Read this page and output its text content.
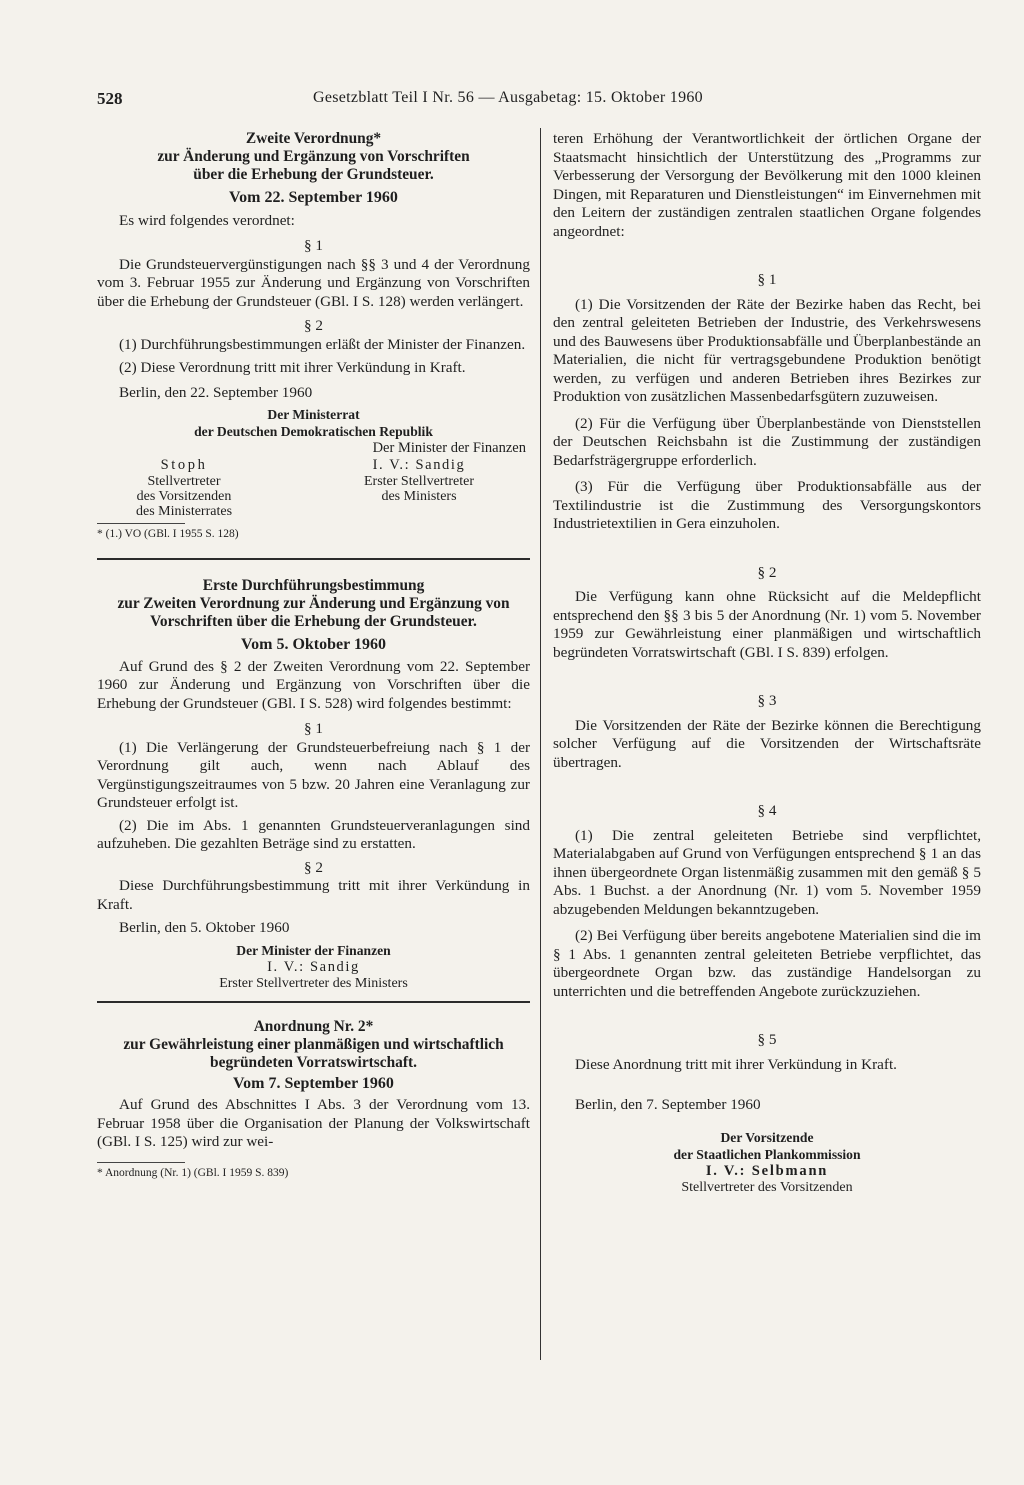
528	Gesetzblatt Teil I Nr. 56 — Ausgabetag: 15. Oktober 1960
Zweite Verordnung*
zur Änderung und Ergänzung von Vorschriften
über die Erhebung der Grundsteuer.
Vom 22. September 1960

Es wird folgendes verordnet:

§ 1

Die Grundsteuervergünstigungen nach §§ 3 und 4 der Verordnung vom 3. Februar 1955 zur Änderung und Ergänzung von Vorschriften über die Erhebung der Grundsteuer (GBl. I S. 128) werden verlängert.

§ 2

(1) Durchführungsbestimmungen erläßt der Minister der Finanzen.

(2) Diese Verordnung tritt mit ihrer Verkündung in Kraft.

Berlin, den 22. September 1960

Der Ministerrat
der Deutschen Demokratischen Republik
Der Minister der Finanzen
Stoph
Stellvertreter
des Vorsitzenden
des Ministerrates
I. V.: Sandig
Erster Stellvertreter
des Ministers
* (1.) VO (GBl. I 1955 S. 128)
Erste Durchführungsbestimmung
zur Zweiten Verordnung zur Änderung und Ergänzung von Vorschriften über die Erhebung der Grundsteuer.
Vom 5. Oktober 1960

Auf Grund des § 2 der Zweiten Verordnung vom 22. September 1960 zur Änderung und Ergänzung von Vorschriften über die Erhebung der Grundsteuer (GBl. I S. 528) wird folgendes bestimmt:

§ 1

(1) Die Verlängerung der Grundsteuerbefreiung nach § 1 der Verordnung gilt auch, wenn nach Ablauf des Vergünstigungszeitraumes von 5 bzw. 20 Jahren eine Veranlagung zur Grundsteuer erfolgt ist.

(2) Die im Abs. 1 genannten Grundsteuerveranlagungen sind aufzuheben. Die gezahlten Beträge sind zu erstatten.

§ 2

Diese Durchführungsbestimmung tritt mit ihrer Verkündung in Kraft.

Berlin, den 5. Oktober 1960

Der Minister der Finanzen
I. V.: Sandig
Erster Stellvertreter des Ministers
Anordnung Nr. 2*
zur Gewährleistung einer planmäßigen und wirtschaftlich begründeten Vorratswirtschaft.
Vom 7. September 1960

Auf Grund des Abschnittes I Abs. 3 der Verordnung vom 13. Februar 1958 über die Organisation der Planung der Volkswirtschaft (GBl. I S. 125) wird zur wei-

* Anordnung (Nr. 1) (GBl. I 1959 S. 839)

teren Erhöhung der Verantwortlichkeit der örtlichen Organe der Staatsmacht hinsichtlich der Unterstützung des „Programms zur Verbesserung der Versorgung der Bevölkerung mit den 1000 kleinen Dingen, mit Reparaturen und Dienstleistungen“ im Einvernehmen mit den Leitern der zuständigen zentralen staatlichen Organe folgendes angeordnet:

§ 1

(1) Die Vorsitzenden der Räte der Bezirke haben das Recht, bei den zentral geleiteten Betrieben der Industrie, des Verkehrswesens und des Bauwesens über Produktionsabfälle und Überplanbestände an Materialien, die nicht für vertragsgebundene Produktion benötigt werden, zu verfügen und anderen Betrieben ihres Bezirkes zur Produktion von zusätzlichen Massenbedarfsgütern zuzuweisen.

(2) Für die Verfügung über Überplanbestände von Dienststellen der Deutschen Reichsbahn ist die Zustimmung der zuständigen Bedarfsträgergruppe erforderlich.

(3) Für die Verfügung über Produktionsabfälle aus der Textilindustrie ist die Zustimmung des Versorgungskontors Industrietextilien in Gera einzuholen.

§ 2

Die Verfügung kann ohne Rücksicht auf die Meldepflicht entsprechend den §§ 3 bis 5 der Anordnung (Nr. 1) vom 5. November 1959 zur Gewährleistung einer planmäßigen und wirtschaftlich begründeten Vorratswirtschaft (GBl. I S. 839) erfolgen.

§ 3

Die Vorsitzenden der Räte der Bezirke können die Berechtigung solcher Verfügung auf die Vorsitzenden der Wirtschaftsräte übertragen.

§ 4

(1) Die zentral geleiteten Betriebe sind verpflichtet, Materialabgaben auf Grund von Verfügungen entsprechend § 1 an das ihnen übergeordnete Organ listenmäßig zusammen mit den gemäß § 5 Abs. 1 Buchst. a der Anordnung (Nr. 1) vom 5. November 1959 abzugebenden Meldungen bekanntzugeben.

(2) Bei Verfügung über bereits angebotene Materialien sind die im § 1 Abs. 1 genannten zentral geleiteten Betriebe verpflichtet, das übergeordnete Organ bzw. das zuständige Handelsorgan zu unterrichten und die betreffenden Angebote zurückzuziehen.

§ 5

Diese Anordnung tritt mit ihrer Verkündung in Kraft.

Berlin, den 7. September 1960

Der Vorsitzende
der Staatlichen Plankommission
I. V.: Selbmann
Stellvertreter des Vorsitzenden
